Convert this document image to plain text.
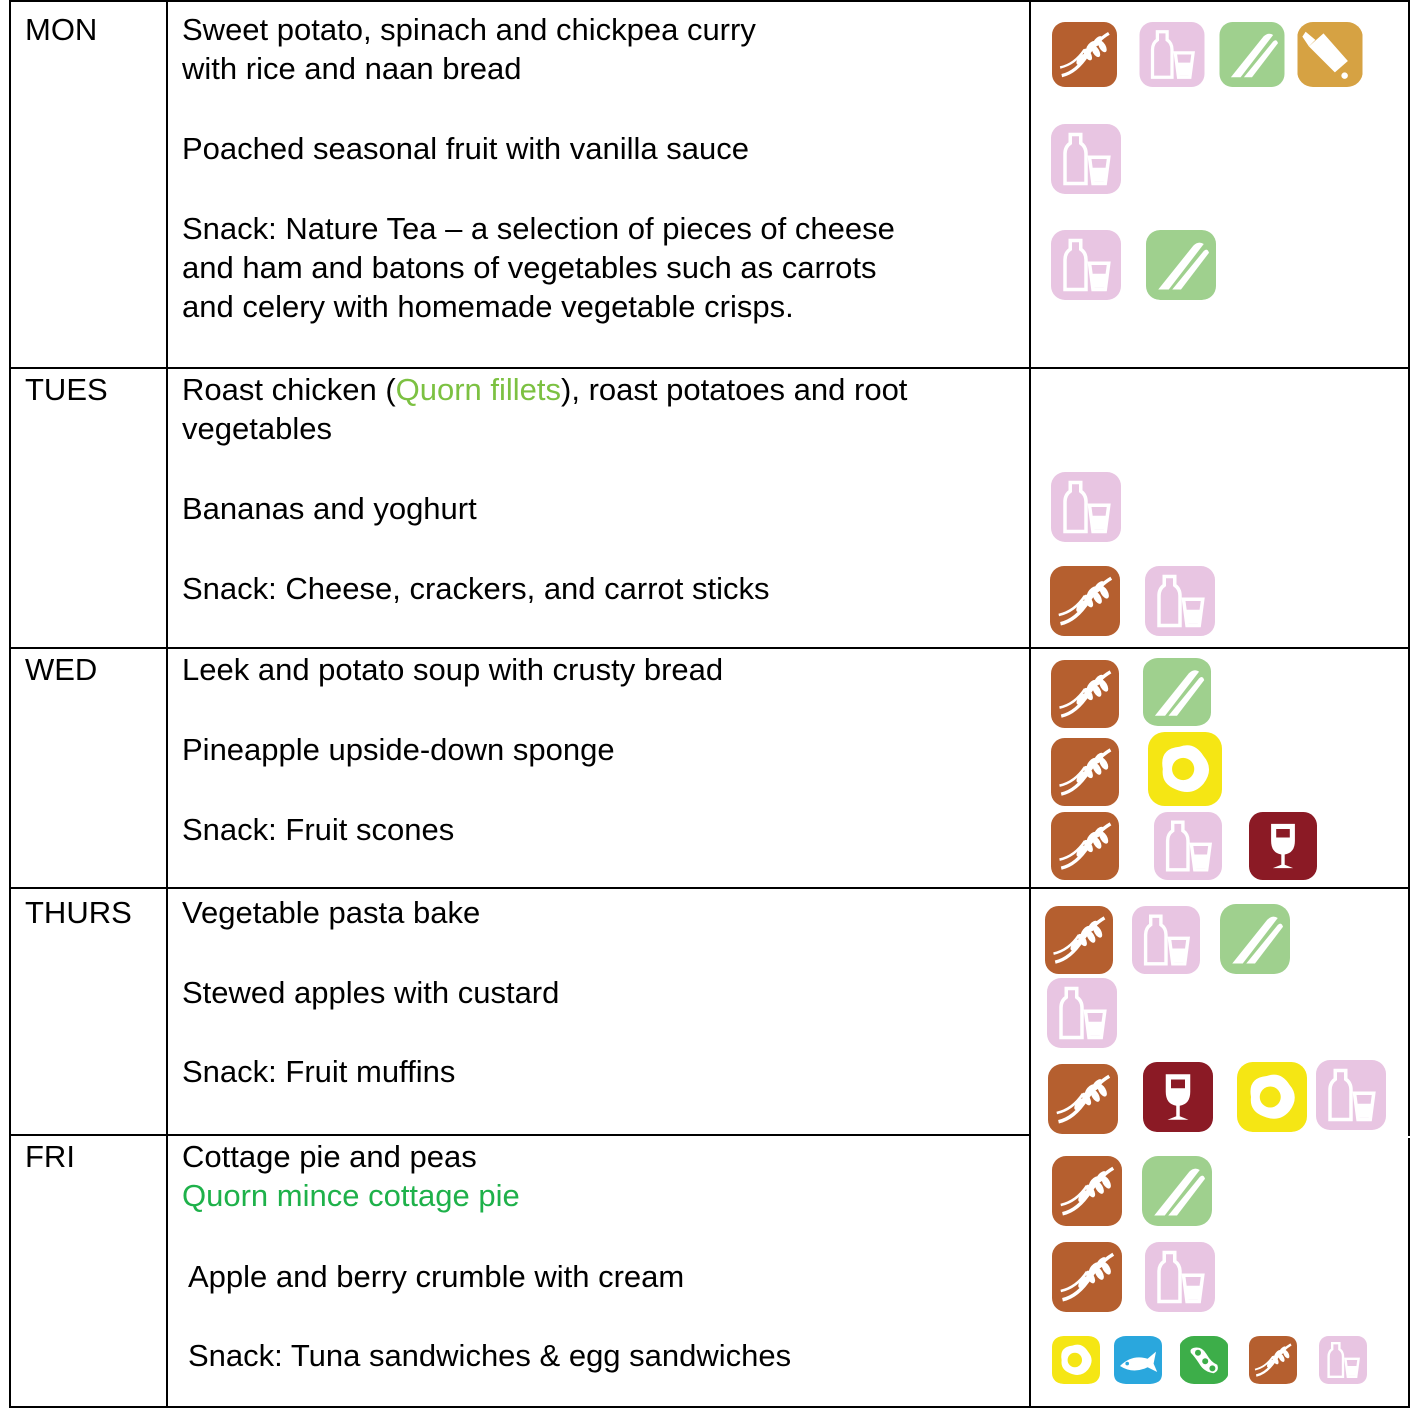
MON	Sweet potato, spinach and chickpea curry
with rice and naan bread
Poached seasonal fruit with vanilla sauce
Snack: Nature Tea – a selection of pieces of cheese
and ham and batons of vegetables such as carrots
and celery with homemade vegetable crisps.
TUES Roast chicken (Quorn fillets), roast potatoes and root
vegetables
Bananas and yoghurt
Snack: Cheese, crackers, and carrot sticks
WED	Leek and potato soup with crusty bread
Pineapple upside-down sponge
Snack: Fruit scones
THURS Vegetable pasta bake
Stewed apples with custard
Snack: Fruit muffins
FRI	Cottage pie and peas
Quorn mince cottage pie
Apple and berry crumble with cream
Snack: Tuna sandwiches & egg sandwiches
